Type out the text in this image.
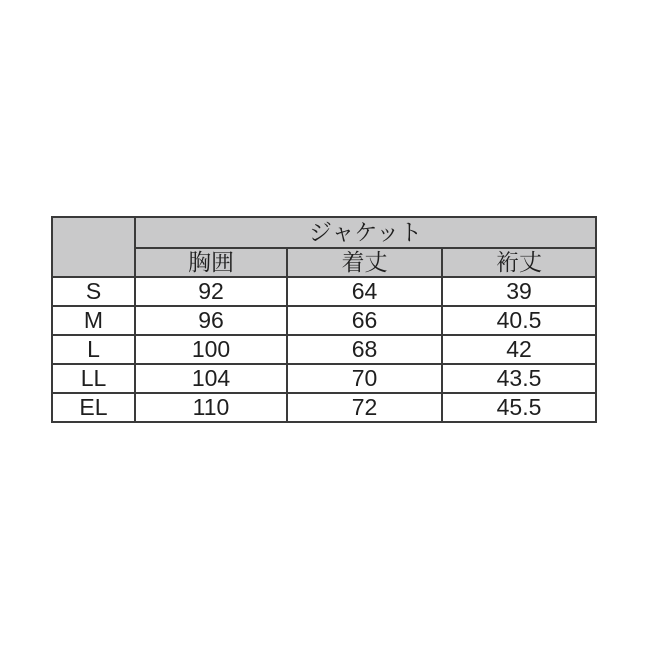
	ジャケット		
	胸囲	着丈	裄丈
S	92	64	39
M	96	66	40.5
L	100	68	42
LL	104	70	43.5
EL	110	72	45.5
